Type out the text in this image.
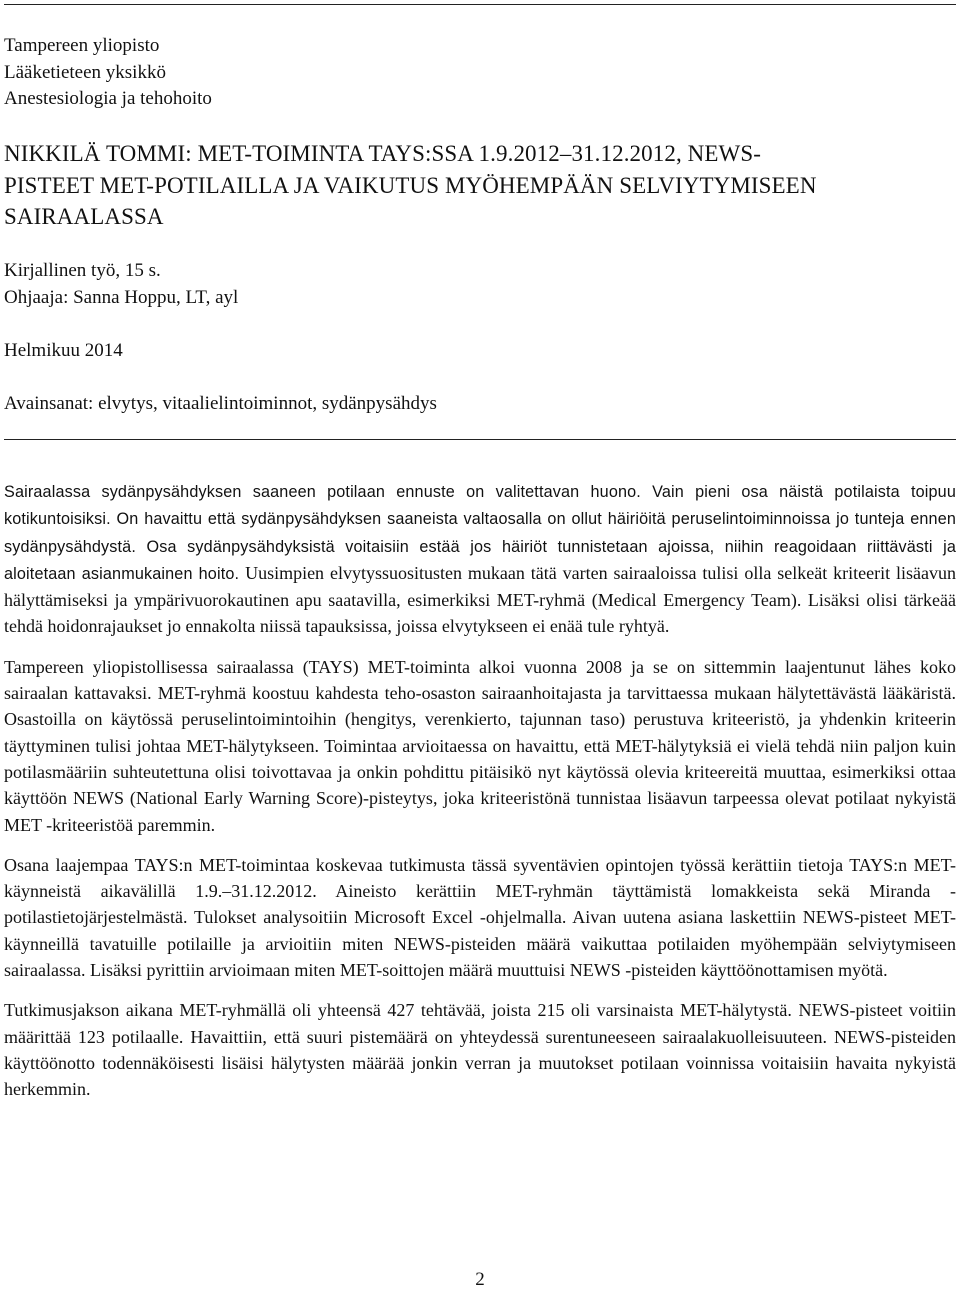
Tampereen yliopisto
Lääketieteen yksikkö
Anestesiologia ja tehohoito
NIKKILÄ TOMMI: MET-TOIMINTA TAYS:SSA 1.9.2012–31.12.2012, NEWS-
PISTEET MET-POTILAILLA JA VAIKUTUS MYÖHEMPÄÄN SELVIYTYMISEEN
SAIRAALASSA
Kirjallinen työ, 15 s.
Ohjaaja: Sanna Hoppu, LT, ayl
Helmikuu 2014
Avainsanat: elvytys, vitaalielintoiminnot, sydänpysähdys
Sairaalassa sydänpysähdyksen saaneen potilaan ennuste on valitettavan huono. Vain pieni osa näistä potilaista toipuu kotikuntoisiksi. On havaittu että sydänpysähdyksen saaneista valtaosalla on ollut häiriöitä peruselintoiminnoissa jo tunteja ennen sydänpysähdystä. Osa sydänpysähdyksistä voitaisiin estää jos häiriöt tunnistetaan ajoissa, niihin reagoidaan riittävästi ja aloitetaan asianmukainen hoito. Uusimpien elvytyssuositusten mukaan tätä varten sairaaloissa tulisi olla selkeät kriteerit lisäavun hälyttämiseksi ja ympärivuorokautinen apu saatavilla, esimerkiksi MET-ryhmä (Medical Emergency Team). Lisäksi olisi tärkeää tehdä hoidonrajaukset jo ennakolta niissä tapauksissa, joissa elvytykseen ei enää tule ryhtyä.
Tampereen yliopistollisessa sairaalassa (TAYS) MET-toiminta alkoi vuonna 2008 ja se on sittemmin laajentunut lähes koko sairaalan kattavaksi. MET-ryhmä koostuu kahdesta teho-osaston sairaanhoitajasta ja tarvittaessa mukaan hälytettävästä lääkäristä. Osastoilla on käytössä peruselintoimintoihin (hengitys, verenkierto, tajunnan taso) perustuva kriteeristö, ja yhdenkin kriteerin täyttyminen tulisi johtaa MET-hälytykseen. Toimintaa arvioitaessa on havaittu, että MET-hälytyksiä ei vielä tehdä niin paljon kuin potilasmääriin suhteutettuna olisi toivottavaa ja onkin pohdittu pitäisikö nyt käytössä olevia kriteereitä muuttaa, esimerkiksi ottaa käyttöön NEWS (National Early Warning Score)-pisteytys, joka kriteeristönä tunnistaa lisäavun tarpeessa olevat potilaat nykyistä MET -kriteeristöä paremmin.
Osana laajempaa TAYS:n MET-toimintaa koskevaa tutkimusta tässä syventävien opintojen työssä kerättiin tietoja TAYS:n MET-käynneistä aikavälillä 1.9.–31.12.2012. Aineisto kerättiin MET-ryhmän täyttämistä lomakkeista sekä Miranda -potilastietojärjestelmästä. Tulokset analysoitiin Microsoft Excel -ohjelmalla. Aivan uutena asiana laskettiin NEWS-pisteet MET-käynneillä tavatuille potilaille ja arvioitiin miten NEWS-pisteiden määrä vaikuttaa potilaiden myöhempään selviytymiseen sairaalassa. Lisäksi pyrittiin arvioimaan miten MET-soittojen määrä muuttuisi NEWS -pisteiden käyttöönottamisen myötä.
Tutkimusjakson aikana MET-ryhmällä oli yhteensä 427 tehtävää, joista 215 oli varsinaista MET-hälytystä. NEWS-pisteet voitiin määrittää 123 potilaalle. Havaittiin, että suuri pistemäärä on yhteydessä surentuneeseen sairaalakuolleisuuteen. NEWS-pisteiden käyttöönotto todennäköisesti lisäisi hälytysten määrää jonkin verran ja muutokset potilaan voinnissa voitaisiin havaita nykyistä herkemmin.
2
